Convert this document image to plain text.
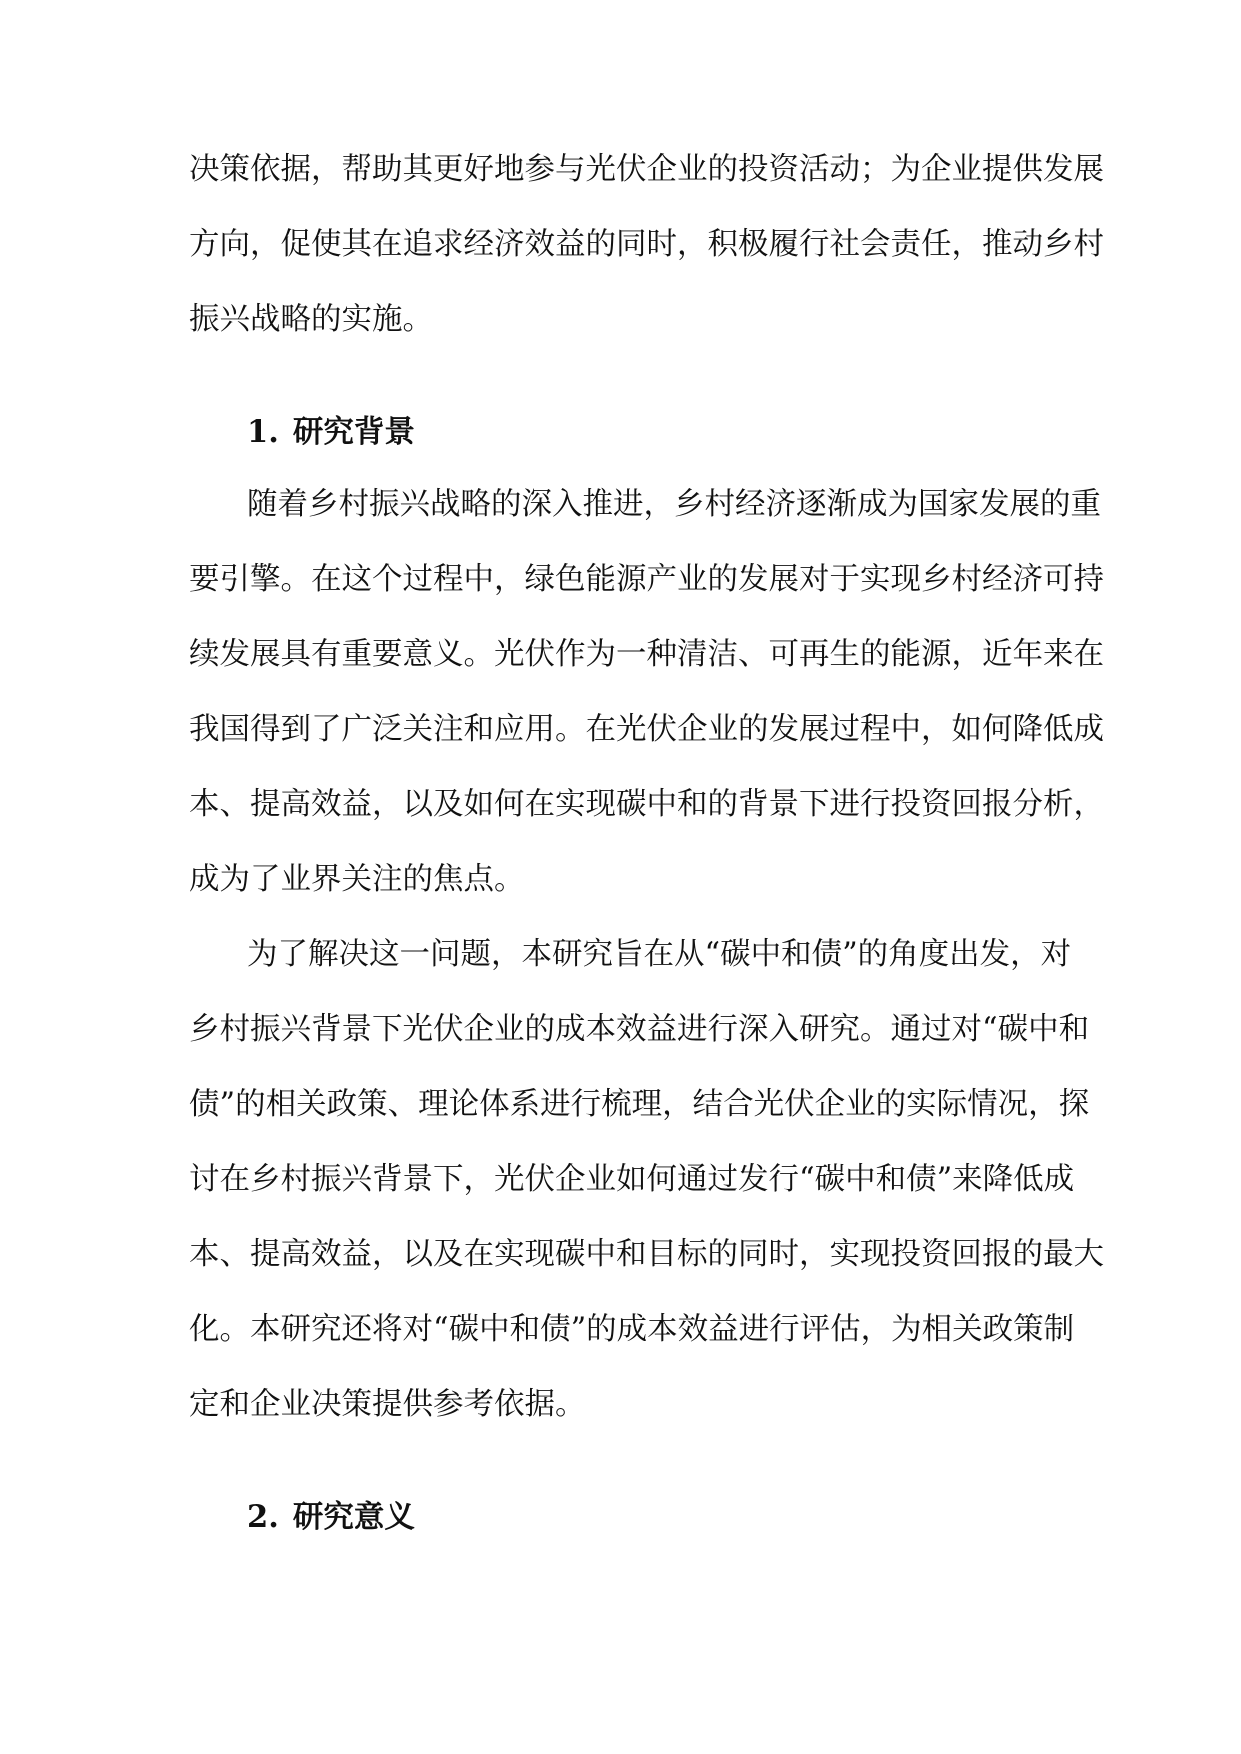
决策依据，帮助其更好地参与光伏企业的投资活动；为企业提供发展
方向，促使其在追求经济效益的同时，积极履行社会责任，推动乡村
振兴战略的实施。
1. 研究背景
随着乡村振兴战略的深入推进，乡村经济逐渐成为国家发展的重
要引擎。在这个过程中，绿色能源产业的发展对于实现乡村经济可持
续发展具有重要意义。光伏作为一种清洁、可再生的能源，近年来在
我国得到了广泛关注和应用。在光伏企业的发展过程中，如何降低成
本、提高效益，以及如何在实现碳中和的背景下进行投资回报分析，
成为了业界关注的焦点。
为了解决这一问题，本研究旨在从“碳中和债”的角度出发，对
乡村振兴背景下光伏企业的成本效益进行深入研究。通过对“碳中和
债”的相关政策、理论体系进行梳理，结合光伏企业的实际情况，探
讨在乡村振兴背景下，光伏企业如何通过发行“碳中和债”来降低成
本、提高效益，以及在实现碳中和目标的同时，实现投资回报的最大
化。本研究还将对“碳中和债”的成本效益进行评估，为相关政策制
定和企业决策提供参考依据。
2. 研究意义
